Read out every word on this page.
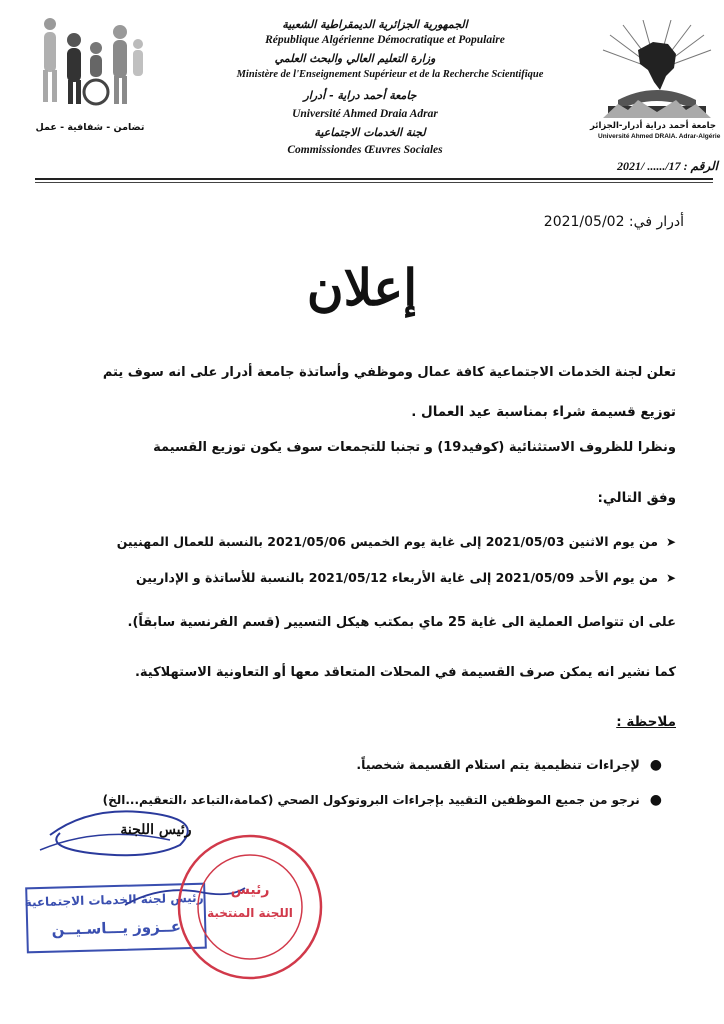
تضامن - شفافية - عمل
الجمهورية الجزائرية الديمقراطية الشعبية
République Algérienne Démocratique et Populaire
وزارة التعليم العالي والبحث العلمي
Ministère de l'Enseignement Supérieur et de la Recherche Scientifique
جامعة أحمد دراية - أدرار
Université Ahmed Draia Adrar
لجنة الخدمات الاجتماعية
Commissiondes Œuvres Sociales
جامعة أحمد دراية أدرار-الجزائر
Université Ahmed DRAIA. Adrar-Algérie
الرقم : 2021/ ....../17
أدرار في: 2021/05/02
إعلان
تعلن لجنة الخدمات الاجتماعية كافة عمال وموظفي وأساتذة جامعة أدرار على انه سوف يتم
توزيع قسيمة شراء بمناسبة عيد العمال .
ونظرا للظروف الاستثنائية (كوفيد19) و تجنبا للتجمعات سوف يكون توزيع القسيمة
وفق التالي:
➤من يوم الاثنين 2021/05/03 إلى غاية يوم الخميس 2021/05/06 بالنسبة للعمال المهنيين
➤من يوم الأحد 2021/05/09 إلى غاية الأربعاء 2021/05/12 بالنسبة للأساتذة و الإداريين
على ان تتواصل العملية الى غاية 25 ماي بمكتب هيكل التسيير (قسم الفرنسية سابقاً).
كما نشير انه يمكن صرف القسيمة في المحلات المتعاقد معها أو التعاونية الاستهلاكية.
ملاحظة :
●لإجراءات تنظيمية يتم استلام القسيمة شخصياً.
●نرجو من جميع الموظفين التقييد بإجراءات البروتوكول الصحي (كمامة،التباعد ،التعقيم...الخ)
رئيس اللجنة
رئيس لجنة الخدمات الاجتماعية
عــزوز يـــاسـيــن
رئيس
اللجنة المنتخبة
